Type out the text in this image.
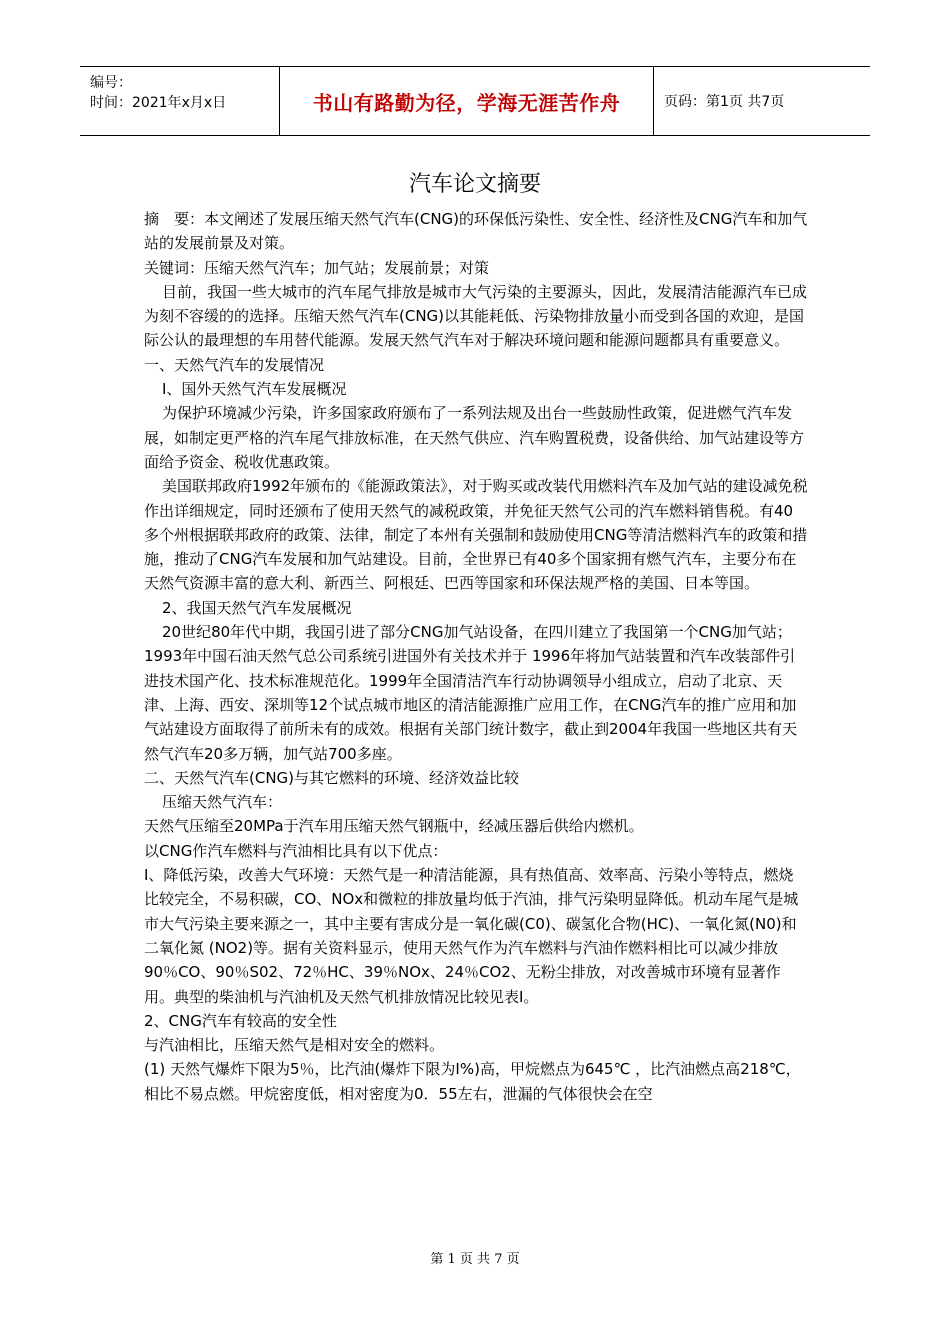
编号：
时间：2021年x月x日	书山有路勤为径，学海无涯苦作舟	页码：第1页 共7页
汽车论文摘要

摘　要：本文阐述了发展压缩天然气汽车(CNG)的环保低污染性、安全性、经济性及CNG汽车和加气站的发展前景及对策。

关键词：压缩天然气汽车；加气站；发展前景；对策

目前，我国一些大城市的汽车尾气排放是城市大气污染的主要源头，因此，发展清洁能源汽车已成为刻不容缓的的选择。压缩天然气汽车(CNG)以其能耗低、污染物排放量小而受到各国的欢迎，是国际公认的最理想的车用替代能源。发展天然气汽车对于解决环境问题和能源问题都具有重要意义。

一、天然气汽车的发展情况

Ⅰ、国外天然气汽车发展概况

为保护环境减少污染，许多国家政府颁布了一系列法规及出台一些鼓励性政策，促进燃气汽车发展，如制定更严格的汽车尾气排放标准，在天然气供应、汽车购置税费，设备供给、加气站建设等方面给予资金、税收优惠政策。

美国联邦政府1992年颁布的《能源政策法》，对于购买或改装代用燃料汽车及加气站的建设减免税作出详细规定，同时还颁布了使用天然气的减税政策，并免征天然气公司的汽车燃料销售税。有40多个州根据联邦政府的政策、法律，制定了本州有关强制和鼓励使用CNG等清洁燃料汽车的政策和措施，推动了CNG汽车发展和加气站建设。目前，全世界已有40多个国家拥有燃气汽车，主要分布在天然气资源丰富的意大利、新西兰、阿根廷、巴西等国家和环保法规严格的美国、日本等国。

2、我国天然气汽车发展概况

20世纪80年代中期，我国引进了部分CNG加气站设备，在四川建立了我国第一个CNG加气站；1993年中国石油天然气总公司系统引进国外有关技术并于 1996年将加气站装置和汽车改装部件引进技术国产化、技术标准规范化。1999年全国清洁汽车行动协调领导小组成立，启动了北京、天津、上海、西安、深圳等12个试点城市地区的清洁能源推广应用工作，在CNG汽车的推广应用和加气站建设方面取得了前所未有的成效。根据有关部门统计数字，截止到2004年我国一些地区共有天然气汽车20多万辆，加气站700多座。

二、天然气汽车(CNG)与其它燃料的环境、经济效益比较

压缩天然气汽车：

天然气压缩至20MPa于汽车用压缩天然气钢瓶中，经减压器后供给内燃机。

以CNG作汽车燃料与汽油相比具有以下优点：

Ⅰ、降低污染，改善大气环境：天然气是一种清洁能源，具有热值高、效率高、污染小等特点，燃烧比较完全，不易积碳，CO、NOx和微粒的排放量均低于汽油，排气污染明显降低。机动车尾气是城市大气污染主要来源之一，其中主要有害成分是一氧化碳(C0)、碳氢化合物(HC)、一氧化氮(N0)和二氧化氮 (NO2)等。据有关资料显示，使用天然气作为汽车燃料与汽油作燃料相比可以减少排放90％CO、90％S02、72％HC、39％NOx、24％CO2、无粉尘排放，对改善城市环境有显著作用。典型的柴油机与汽油机及天然气机排放情况比较见表Ⅰ。

2、CNG汽车有较高的安全性

与汽油相比，压缩天然气是相对安全的燃料。

(1) 天然气爆炸下限为5％，比汽油(爆炸下限为Ⅰ%)高，甲烷燃点为645℃ ，比汽油燃点高218℃，相比不易点燃。甲烷密度低，相对密度为0．55左右，泄漏的气体很快会在空

第 1 页 共 7 页
